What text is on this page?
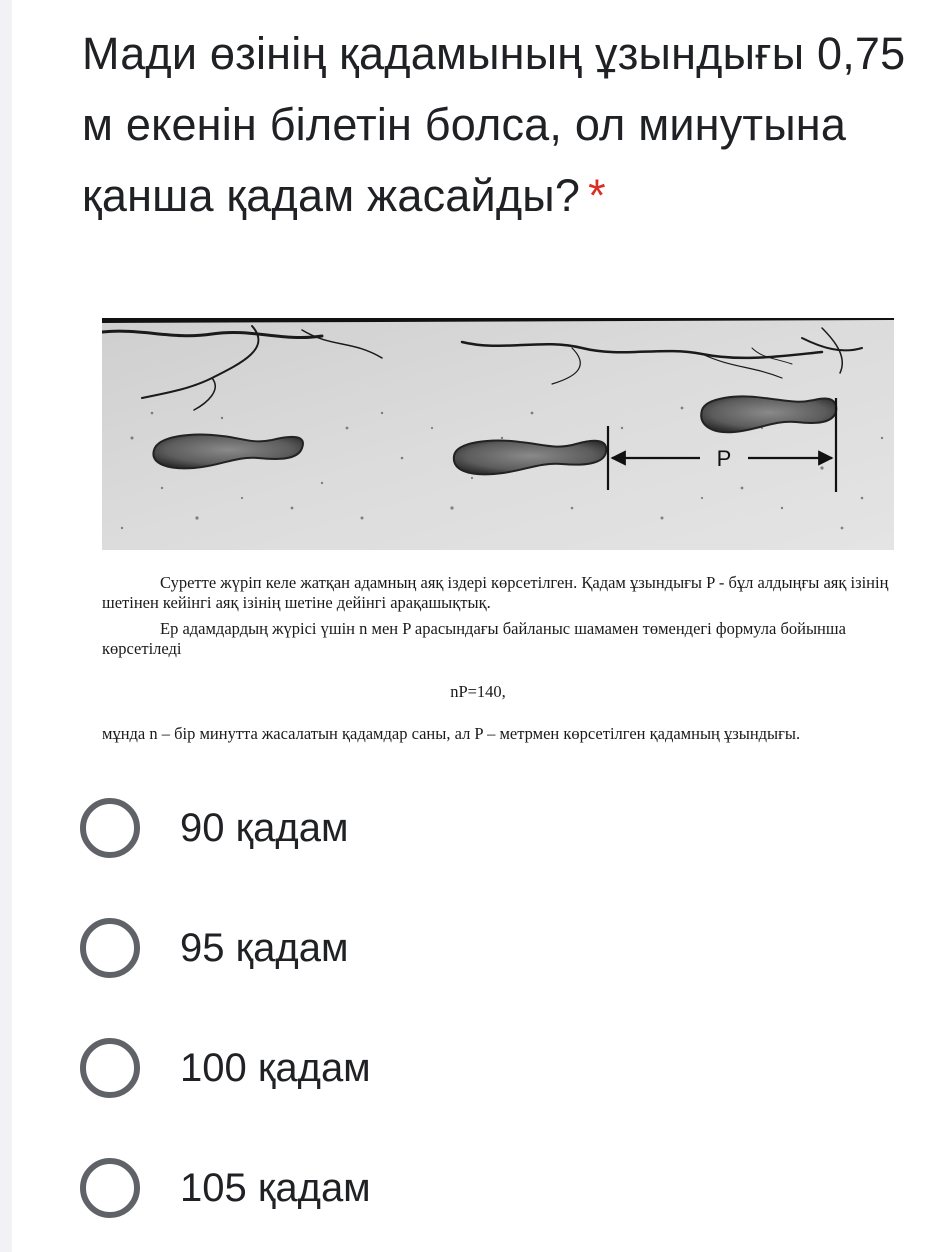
Мади өзінің қадамының ұзындығы 0,75 м екенін білетін болса, ол минутына қанша қадам жасайды? *
P
Суретте жүріп келе жатқан адамның аяқ іздері көрсетілген. Қадам ұзындығы P - бұл алдыңғы аяқ ізінің шетінен кейінгі аяқ ізінің шетіне дейінгі арақашықтық.
Ер адамдардың жүрісі үшін n мен P арасындағы байланыс шамамен төмендегі формула бойынша көрсетіледі
nP=140,
мұнда n – бір минутта жасалатын қадамдар саны, ал P – метрмен көрсетілген қадамның ұзындығы.
90 қадам
95 қадам
100 қадам
105 қадам
